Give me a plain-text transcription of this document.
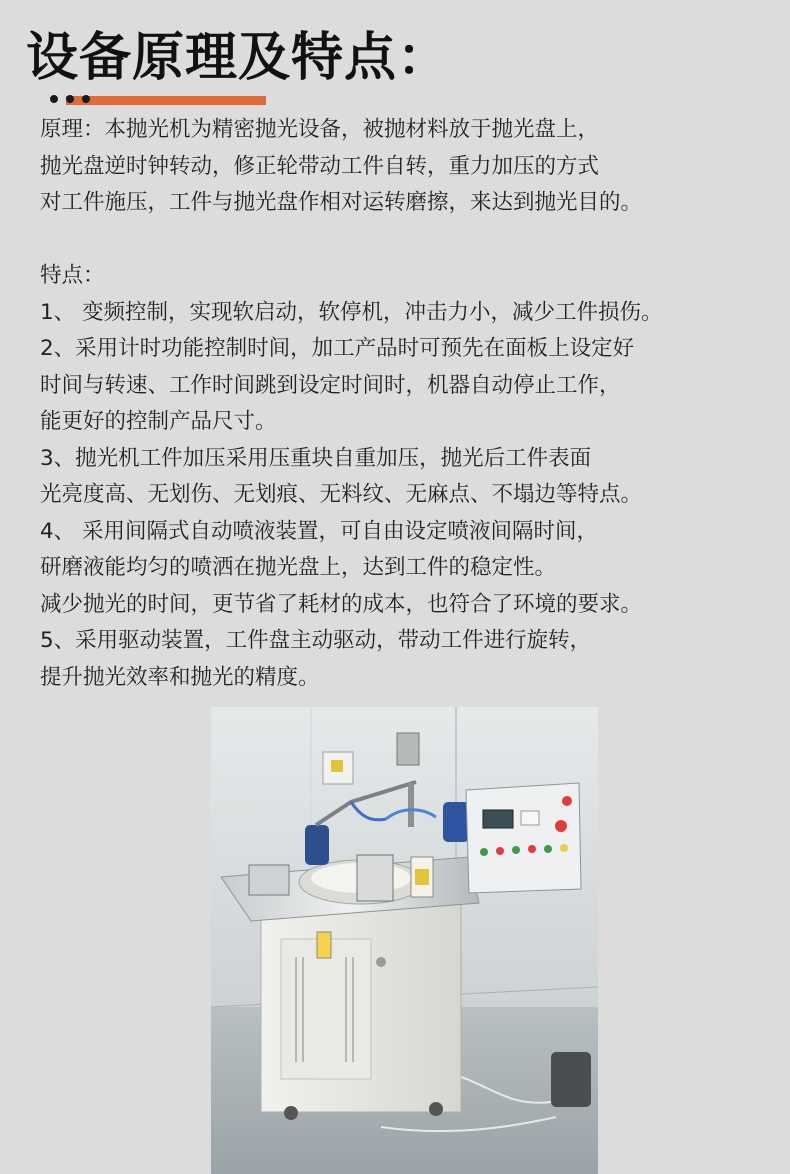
设备原理及特点：
原理：本抛光机为精密抛光设备，被抛材料放于抛光盘上，
抛光盘逆时钟转动，修正轮带动工件自转，重力加压的方式
对工件施压，工件与抛光盘作相对运转磨擦，来达到抛光目的。
特点：
1、 变频控制，实现软启动，软停机，冲击力小，减少工件损伤。
2、采用计时功能控制时间，加工产品时可预先在面板上设定好
时间与转速、工作时间跳到设定时间时，机器自动停止工作，
能更好的控制产品尺寸。
3、抛光机工件加压采用压重块自重加压，抛光后工件表面
光亮度高、无划伤、无划痕、无料纹、无麻点、不塌边等特点。
4、 采用间隔式自动喷液装置，可自由设定喷液间隔时间，
研磨液能均匀的喷洒在抛光盘上，达到工件的稳定性。
减少抛光的时间，更节省了耗材的成本，也符合了环境的要求。
5、采用驱动装置，工件盘主动驱动，带动工件进行旋转，
提升抛光效率和抛光的精度。
